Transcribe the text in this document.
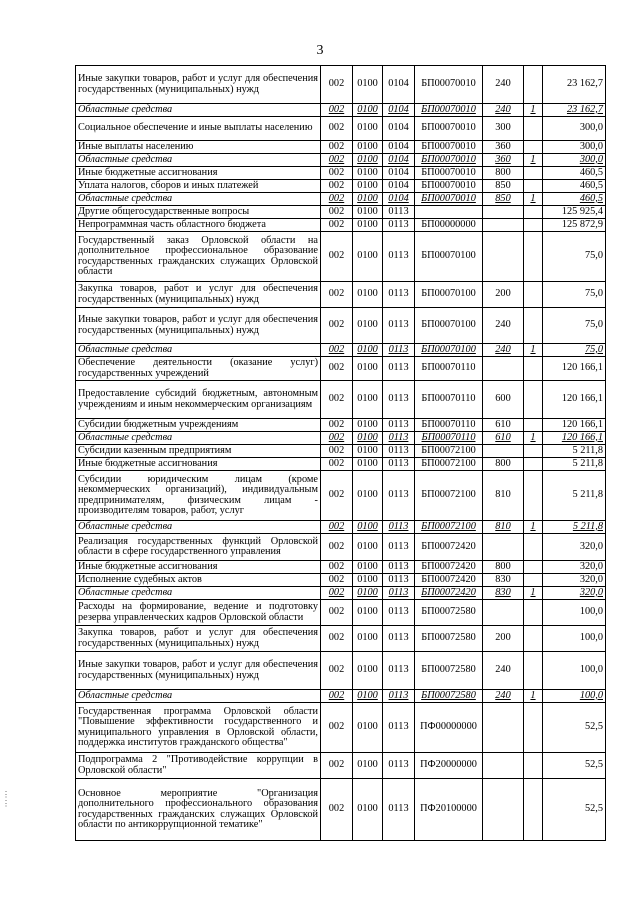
3
Иные закупки товаров, работ и услуг для обеспечения государственных (муниципальных) нужд	002	0100	0104	БП00070010	240		23 162,7
Областные средства	002	0100	0104	БП00070010	240	1	23 162,7
Социальное обеспечение и иные выплаты населению	002	0100	0104	БП00070010	300		300,0
Иные выплаты населению	002	0100	0104	БП00070010	360		300,0
Областные средства	002	0100	0104	БП00070010	360	1	300,0
Иные бюджетные ассигнования	002	0100	0104	БП00070010	800		460,5
Уплата налогов, сборов и иных платежей	002	0100	0104	БП00070010	850		460,5
Областные средства	002	0100	0104	БП00070010	850	1	460,5
Другие общегосударственные вопросы	002	0100	0113				125 925,4
Непрограммная часть областного бюджета	002	0100	0113	БП00000000			125 872,9
Государственный заказ Орловской области на дополнительное профессиональное образование государственных гражданских служащих Орловской области	002	0100	0113	БП00070100			75,0
Закупка товаров, работ и услуг для обеспечения государственных (муниципальных) нужд	002	0100	0113	БП00070100	200		75,0
Иные закупки товаров, работ и услуг для обеспечения государственных (муниципальных) нужд	002	0100	0113	БП00070100	240		75,0
Областные средства	002	0100	0113	БП00070100	240	1	75,0
Обеспечение деятельности (оказание услуг) государственных учреждений	002	0100	0113	БП00070110			120 166,1
Предоставление субсидий бюджетным, автономным учреждениям и иным некоммерческим организациям	002	0100	0113	БП00070110	600		120 166,1
Субсидии бюджетным учреждениям	002	0100	0113	БП00070110	610		120 166,1
Областные средства	002	0100	0113	БП00070110	610	1	120 166,1
Субсидии казенным предприятиям	002	0100	0113	БП00072100			5 211,8
Иные бюджетные ассигнования	002	0100	0113	БП00072100	800		5 211,8
Субсидии юридическим лицам (кроме некоммерческих организаций), индивидуальным предпринимателям, физическим лицам - производителям товаров, работ, услуг	002	0100	0113	БП00072100	810		5 211,8
Областные средства	002	0100	0113	БП00072100	810	1	5 211,8
Реализация государственных функций Орловской области в сфере государственного управления	002	0100	0113	БП00072420			320,0
Иные бюджетные ассигнования	002	0100	0113	БП00072420	800		320,0
Исполнение судебных актов	002	0100	0113	БП00072420	830		320,0
Областные средства	002	0100	0113	БП00072420	830	1	320,0
Расходы на формирование, ведение и подготовку резерва управленческих кадров Орловской области	002	0100	0113	БП00072580			100,0
Закупка товаров, работ и услуг для обеспечения государственных (муниципальных) нужд	002	0100	0113	БП00072580	200		100,0
Иные закупки товаров, работ и услуг для обеспечения государственных (муниципальных) нужд	002	0100	0113	БП00072580	240		100,0
Областные средства	002	0100	0113	БП00072580	240	1	100,0
Государственная программа Орловской области "Повышение эффективности государственного и муниципального управления в Орловской области, поддержка институтов гражданского общества"	002	0100	0113	ПФ00000000			52,5
Подпрограмма 2 "Противодействие коррупции в Орловской области"	002	0100	0113	ПФ20000000			52,5
Основное мероприятие "Организация дополнительного профессионального образования государственных гражданских служащих Орловской области по антикоррупционной тематике"	002	0100	0113	ПФ20100000			52,5
⋮
⋮
